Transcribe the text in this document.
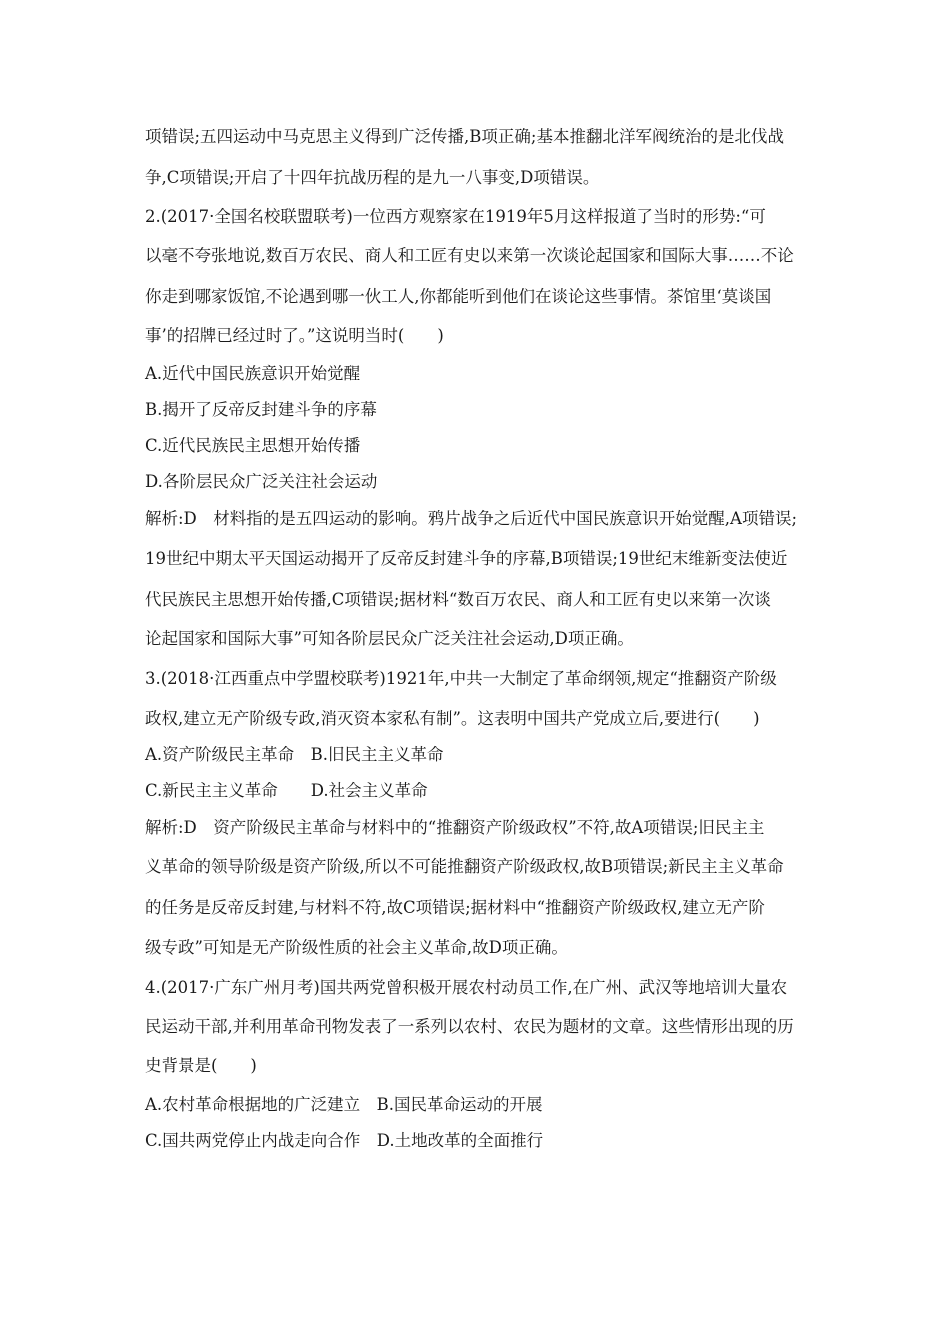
项错误;五四运动中马克思主义得到广泛传播,B项正确;基本推翻北洋军阀统治的是北伐战
争,C项错误;开启了十四年抗战历程的是九一八事变,D项错误。
2.(2017·全国名校联盟联考)一位西方观察家在1919年5月这样报道了当时的形势:“可
以毫不夸张地说,数百万农民、商人和工匠有史以来第一次谈论起国家和国际大事……不论
你走到哪家饭馆,不论遇到哪一伙工人,你都能听到他们在谈论这些事情。茶馆里‘莫谈国
事’的招牌已经过时了。”这说明当时(　　)
A.近代中国民族意识开始觉醒
B.揭开了反帝反封建斗争的序幕
C.近代民族民主思想开始传播
D.各阶层民众广泛关注社会运动
解析:D　材料指的是五四运动的影响。鸦片战争之后近代中国民族意识开始觉醒,A项错误;
19世纪中期太平天国运动揭开了反帝反封建斗争的序幕,B项错误;19世纪末维新变法使近
代民族民主思想开始传播,C项错误;据材料“数百万农民、商人和工匠有史以来第一次谈
论起国家和国际大事”可知各阶层民众广泛关注社会运动,D项正确。
3.(2018·江西重点中学盟校联考)1921年,中共一大制定了革命纲领,规定“推翻资产阶级
政权,建立无产阶级专政,消灭资本家私有制”。这表明中国共产党成立后,要进行(　　)
A.资产阶级民主革命　B.旧民主主义革命
C.新民主主义革命　　D.社会主义革命
解析:D　资产阶级民主革命与材料中的“推翻资产阶级政权”不符,故A项错误;旧民主主
义革命的领导阶级是资产阶级,所以不可能推翻资产阶级政权,故B项错误;新民主主义革命
的任务是反帝反封建,与材料不符,故C项错误;据材料中“推翻资产阶级政权,建立无产阶
级专政”可知是无产阶级性质的社会主义革命,故D项正确。
4.(2017·广东广州月考)国共两党曾积极开展农村动员工作,在广州、武汉等地培训大量农
民运动干部,并利用革命刊物发表了一系列以农村、农民为题材的文章。这些情形出现的历
史背景是(　　)
A.农村革命根据地的广泛建立　B.国民革命运动的开展
C.国共两党停止内战走向合作　D.土地改革的全面推行
